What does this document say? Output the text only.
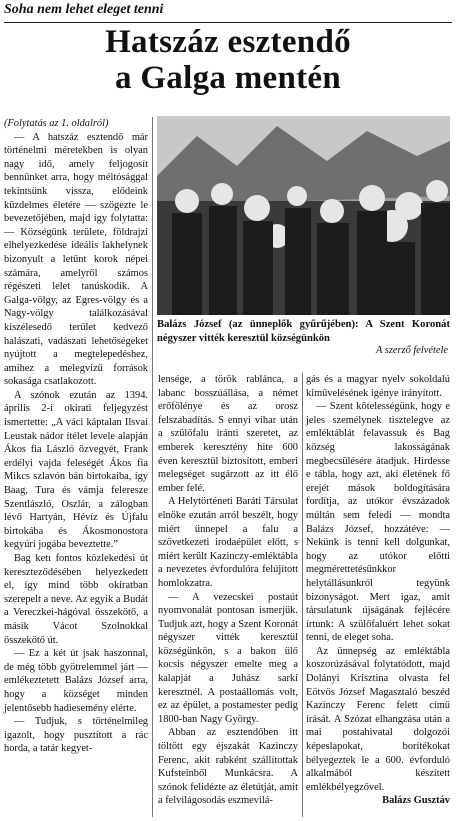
Soha nem lehet eleget tenni
Hatszáz esztendő
a Galga mentén
Balázs József (az ünneplők gyűrűjében): A Szent Koronát négyszer vitték keresztül községünkön
A szerző felvétele

(Folytatás az 1. oldalról)

— A hatszáz esztendő már történelmi méretekben is olyan nagy idő, amely feljogosít bennünket arra, hogy méltósággal tekintsünk vissza, elődeink küzdelmes életére — szögezte le bevezetőjében, majd így folytatta: — Községünk területe, földrajzi elhelyezkedése ideális lakhelynek bizonyult a letűnt korok népei számára, amelyről számos régészeti lelet tanúskodik. A Galga-völgy, az Egres-völgy és a Nagy-völgy találkozásával kiszélesedő terület kedvező halászati, vadászati lehetőségeket nyújtott a megtelepedéshez, amihez a melegvizű források sokasága csatlakozott.

A szónok ezután az 1394. április 2-i okirati feljegyzést ismertette: „A váci káptalan Ilsvai Leustak nádor ítélet levele alapján Ákos fia László özvegyét, Frank erdélyi vajda feleségét Ákos fia Mikcs szlavón bán birtokaiba, így Baag, Tura és vámja feleresze Szentlászló, Oszlár, a zálogban lévő Hartyán, Hévíz és Újfalu birtokába és Ákosmonostora kegyúri jogába beveztette.”

Bag ketı fontos közlekedési út kereszteződésében helyezkedett el, így mind több okiratban szerepelt a neve. Az egyik a Budát a Vereczkei-hágóval összekötő, a másik Vácot Szolnokkal összekötő út.

— Ez a két út jsak haszonnal, de még több gyötrelemmel járt — emlékeztetett Balázs József arra, hogy a községet minden jelentősebb hadiesemény elérte.

— Tudjuk, s történelmileg igazolt, hogy pusztított a rác horda, a tatár kegyet-

lensége, a török rablánca, a labanc bosszúállása, a német erőfölénye és az orosz felszabadítás. S ennyi vihar után a szülőfalu iránti szeretet, az emberek keresztény hite 600 éven keresztül biztosított, emberi melegséget sugárzott az itt élő ember felé.

A Helytörténeti Baráti Társulat elnöke ezután arról beszélt, hogy miért ünnepel a falu a szövetkezeti irodaépület előtt, s miért került Kazinczy-emléktábla a nevezetes évfordulóra felújított homlokzatra.

— A vezecskei postaút nyomvonalát pontosan ismerjük. Tudjuk azt, hogy a Szent Koronát négyszer vitték keresztül községünkön, s a bakon ülő kocsis négyszer emelte meg a kalapját a Juhász sarki keresztnél. A postaállomás volt, ez az épület, a postamester pedig 1800-ban Nagy György.

Abban az esztendőben itt töltött egy éjszakát Kazinczy Ferenc, akit rabként szállítottak Kufsteinből Munkácsra. A szónok felidézte az életútját, amit a felvilágosodás eszmevilá-

gás és a magyar nyelv sokoldalú kiművelésének igénye irányított.

— Szent kötelességünk, hogy e jeles személynek tisztelegve az emléktáblát felavassuk és Bag község lakosságának megbecsülésére átadjuk. Hirdesse e tábla, hogy azt, aki életének fő erejét mások boldogítására fordítja, az utókor évszázadok múltán sem feledi — mondta Balázs József, hozzátéve: — Nekünk is tenni kell dolgunkat, hogy az utókor előtti megmérettetésünkkor helytállásunkról tegyünk bizonyságot. Mert igaz, amit társulatunk újságának fejlécére írtunk: A szülőfaluért lehet sokat tenni, de eleget soha.

Az ünnepség az emléktábla koszorúzásával folytatódott, majd Dolányi Krisztina olvasta fel Eötvös József Magasztaló beszéd Kazinczy Ferenc felett című írását. A Szózat elhangzása után a mai postahivatal dolgozói képeslapokat, borítékokat bélyegeztek le a 600. évforduló alkalmából készített emlékbélyegzővel.

Balázs Gusztáv
